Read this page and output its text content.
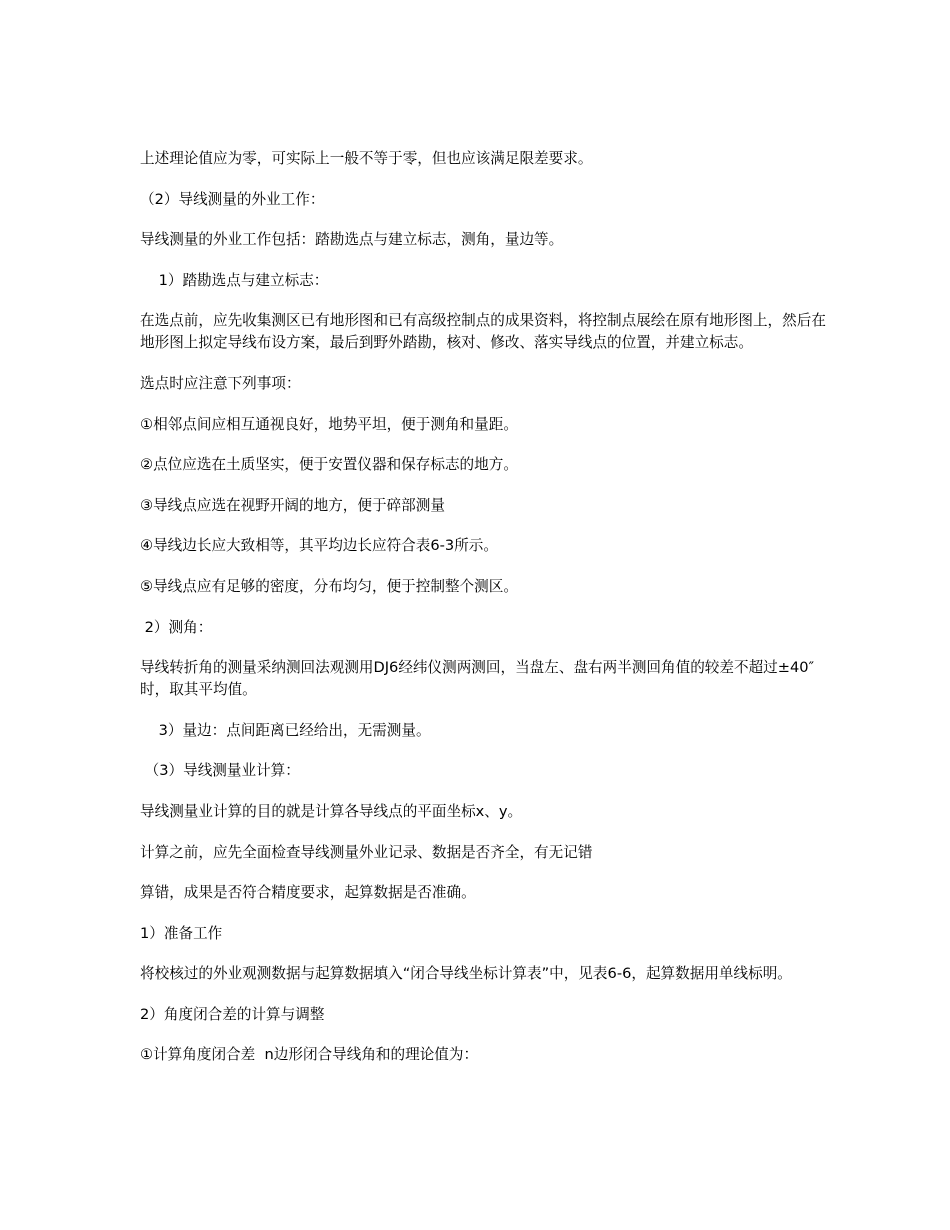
上述理论值应为零，可实际上一般不等于零，但也应该满足限差要求。

（2）导线测量的外业工作：

导线测量的外业工作包括：踏勘选点与建立标志，测角，量边等。

1）踏勘选点与建立标志：

在选点前，应先收集测区已有地形图和已有高级控制点的成果资料，将控制点展绘在原有地形图上，然后在地形图上拟定导线布设方案，最后到野外踏勘，核对、修改、落实导线点的位置，并建立标志。

选点时应注意下列事项：

①相邻点间应相互通视良好，地势平坦，便于测角和量距。

②点位应选在土质坚实，便于安置仪器和保存标志的地方。

③导线点应选在视野开阔的地方，便于碎部测量

④导线边长应大致相等，其平均边长应符合表6-3所示。

⑤导线点应有足够的密度，分布均匀，便于控制整个测区。

2）测角：

导线转折角的测量采纳测回法观测用DJ6经纬仪测两测回，当盘左、盘右两半测回角值的较差不超过±40″时，取其平均值。

3）量边：点间距离已经给出，无需测量。

（3）导线测量业计算：

导线测量业计算的目的就是计算各导线点的平面坐标x、y。

计算之前，应先全面检查导线测量外业记录、数据是否齐全，有无记错

算错，成果是否符合精度要求，起算数据是否准确。

1）准备工作

将校核过的外业观测数据与起算数据填入“闭合导线坐标计算表”中，见表6-6，起算数据用单线标明。

2）角度闭合差的计算与调整

①计算角度闭合差  n边形闭合导线角和的理论值为：
